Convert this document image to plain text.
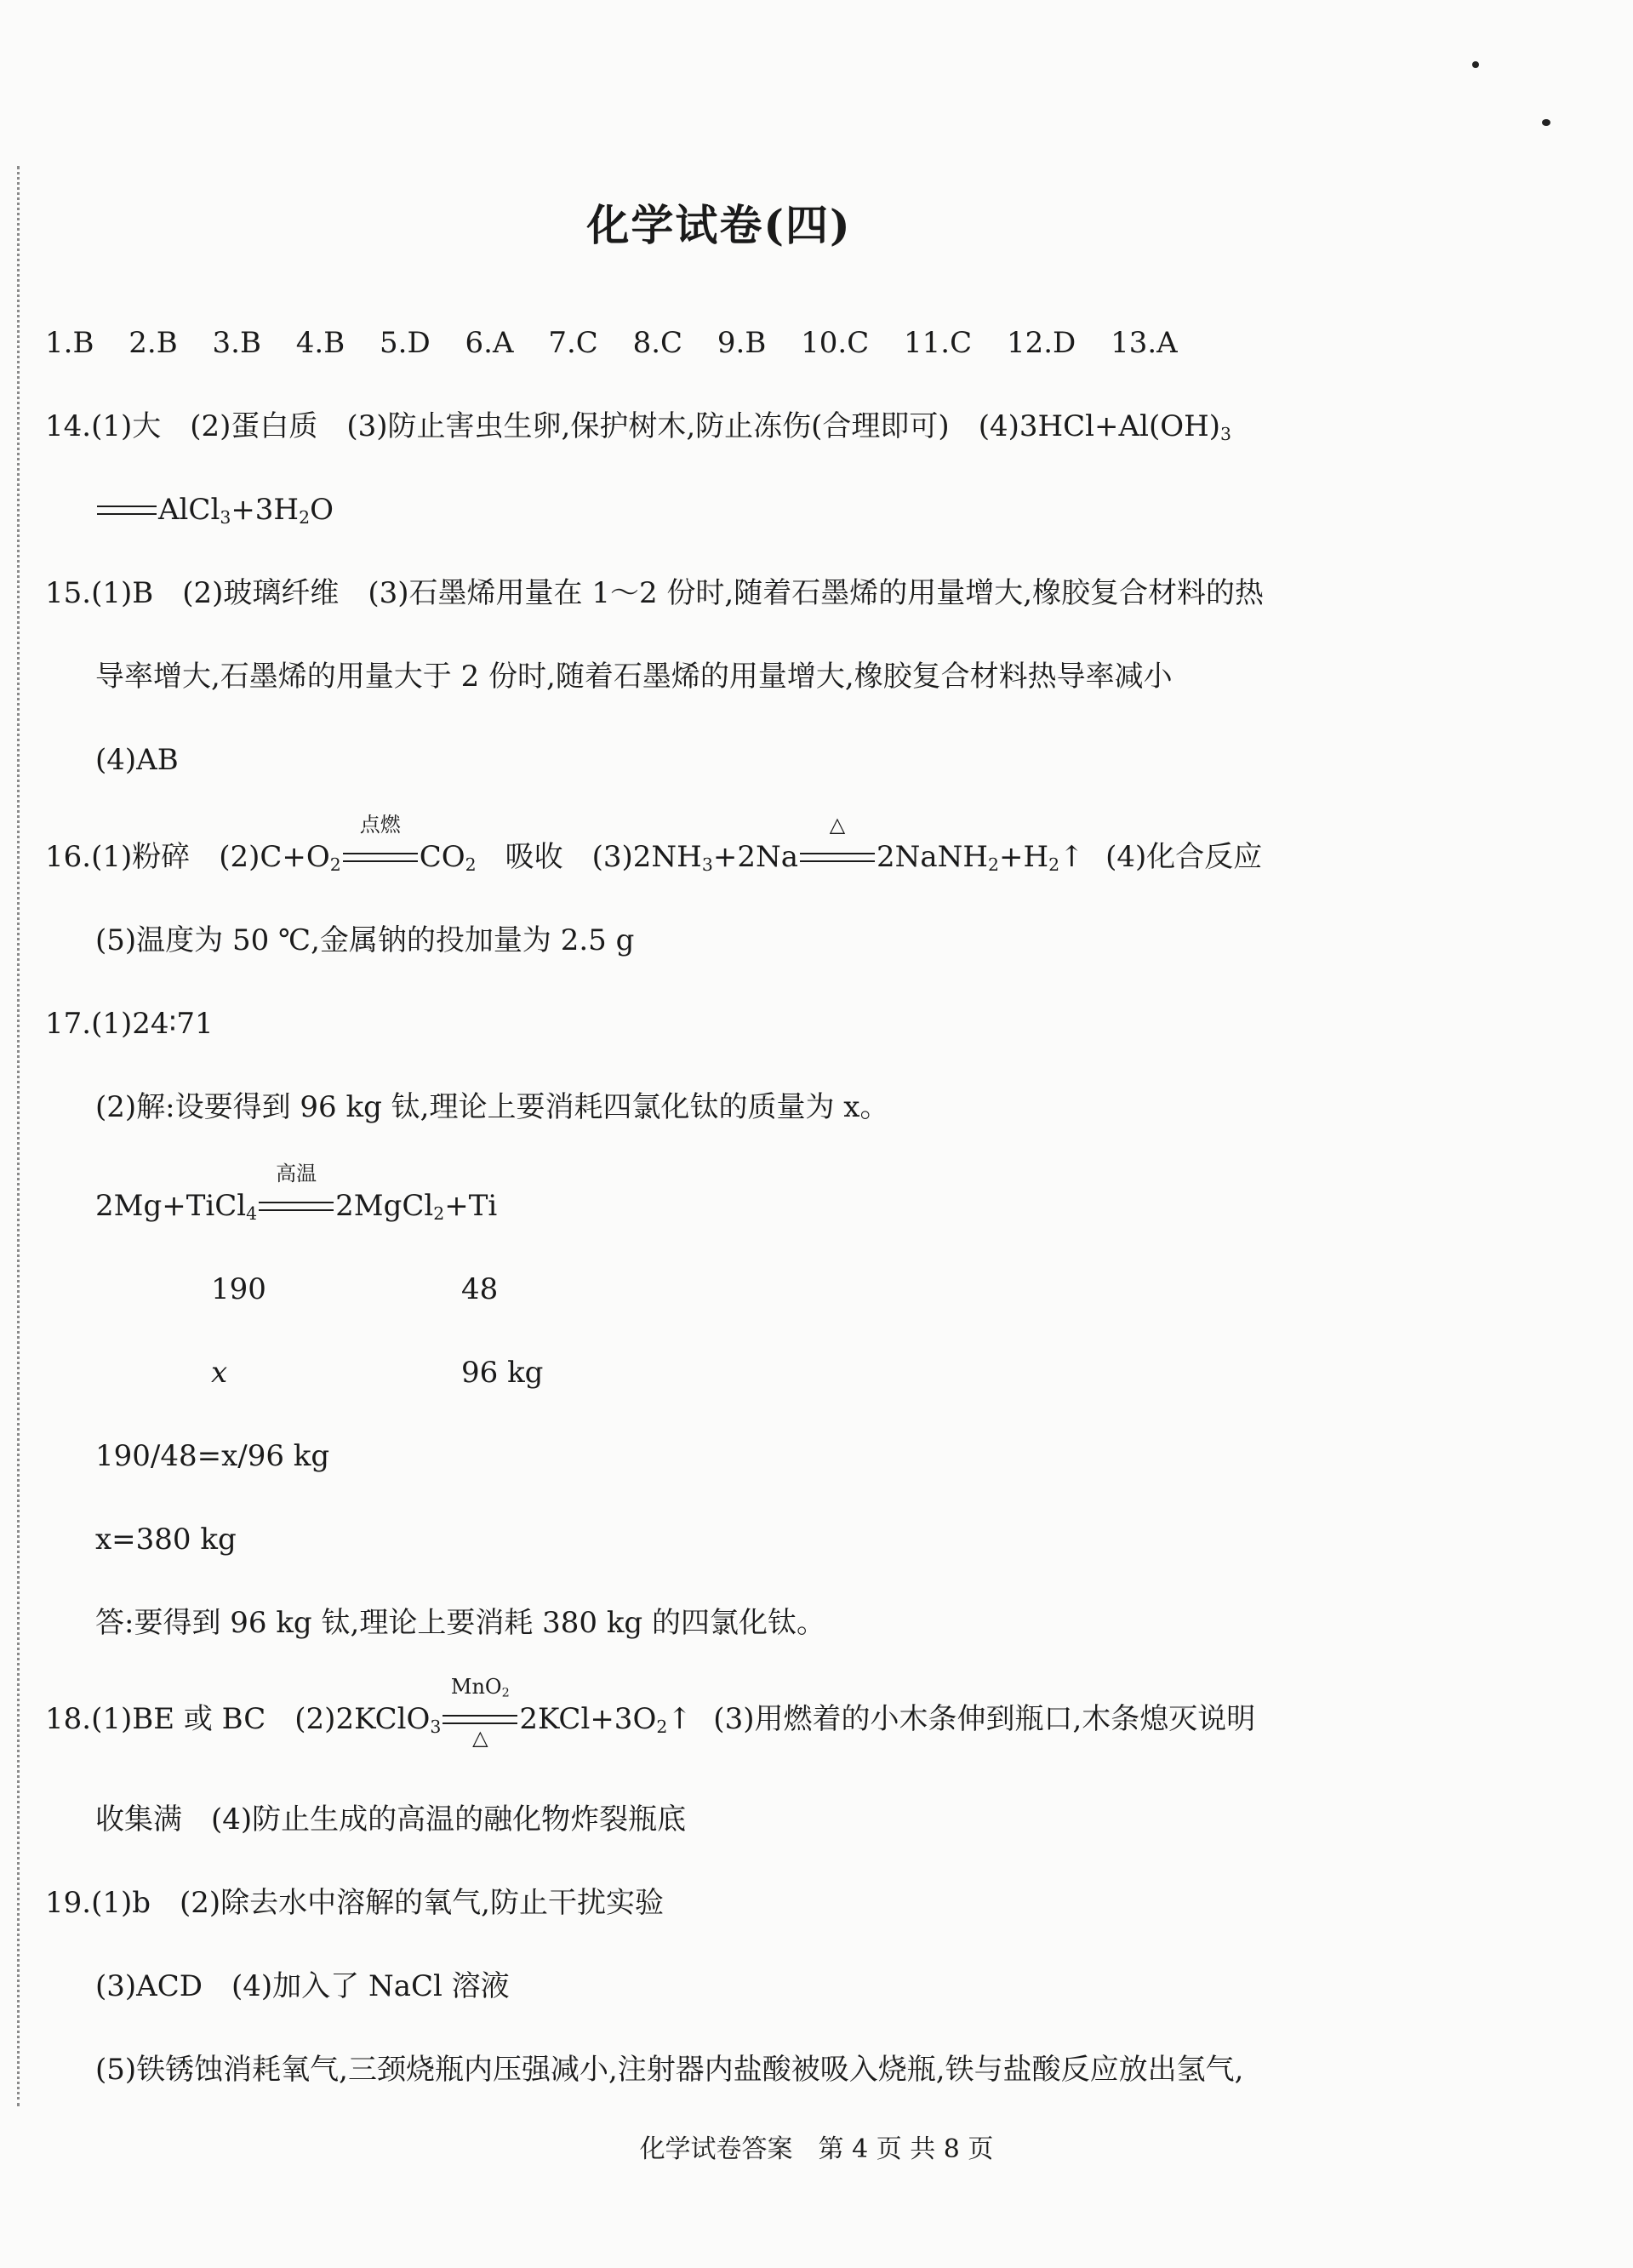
化学试卷(四)
1.B 2.B 3.B 4.B 5.D 6.A 7.C 8.C 9.B 10.C 11.C 12.D 13.A
14.(1)大　(2)蛋白质　(3)防止害虫生卵,保护树木,防止冻伤(合理即可)　$(4)3HCl+Al(OH)_3$
$AlCl_3+3H_2O$
15.(1)B　(2)玻璃纤维　(3)石墨烯用量在 1～2 份时,随着石墨烯的用量增大,橡胶复合材料的热
导率增大,石墨烯的用量大于 2 份时,随着石墨烯的用量增大,橡胶复合材料热导率减小
(4)AB
16.(1)粉碎　$(2)C+O_2$
点燃
$CO_2$　吸收　$(3)2NH_3+2Na$
△
$2NaNH_2+H_2↑$　(4)化合反应
(5)温度为 50 ℃,金属钠的投加量为 2.5 g
17.(1)24∶71
(2)解:设要得到 96 kg 钛,理论上要消耗四氯化钛的质量为 x。
2Mg+TiCl$_4$
高温
2MgCl$_2$+Ti
190	48
x	96 kg
190/48=x/96 kg
x=380 kg
答:要得到 96 kg 钛,理论上要消耗 380 kg 的四氯化钛。
18.(1)BE 或 BC　(2)2KClO$_3$
MnO$_2$
△
$2KCl+3O_2↑$　(3)用燃着的小木条伸到瓶口,木条熄灭说明
收集满　(4)防止生成的高温的融化物炸裂瓶底
19.(1)b　(2)除去水中溶解的氧气,防止干扰实验
(3)ACD　(4)加入了 NaCl 溶液
(5)铁锈蚀消耗氧气,三颈烧瓶内压强减小,注射器内盐酸被吸入烧瓶,铁与盐酸反应放出氢气,
化学试卷答案　第 4 页 共 8 页
